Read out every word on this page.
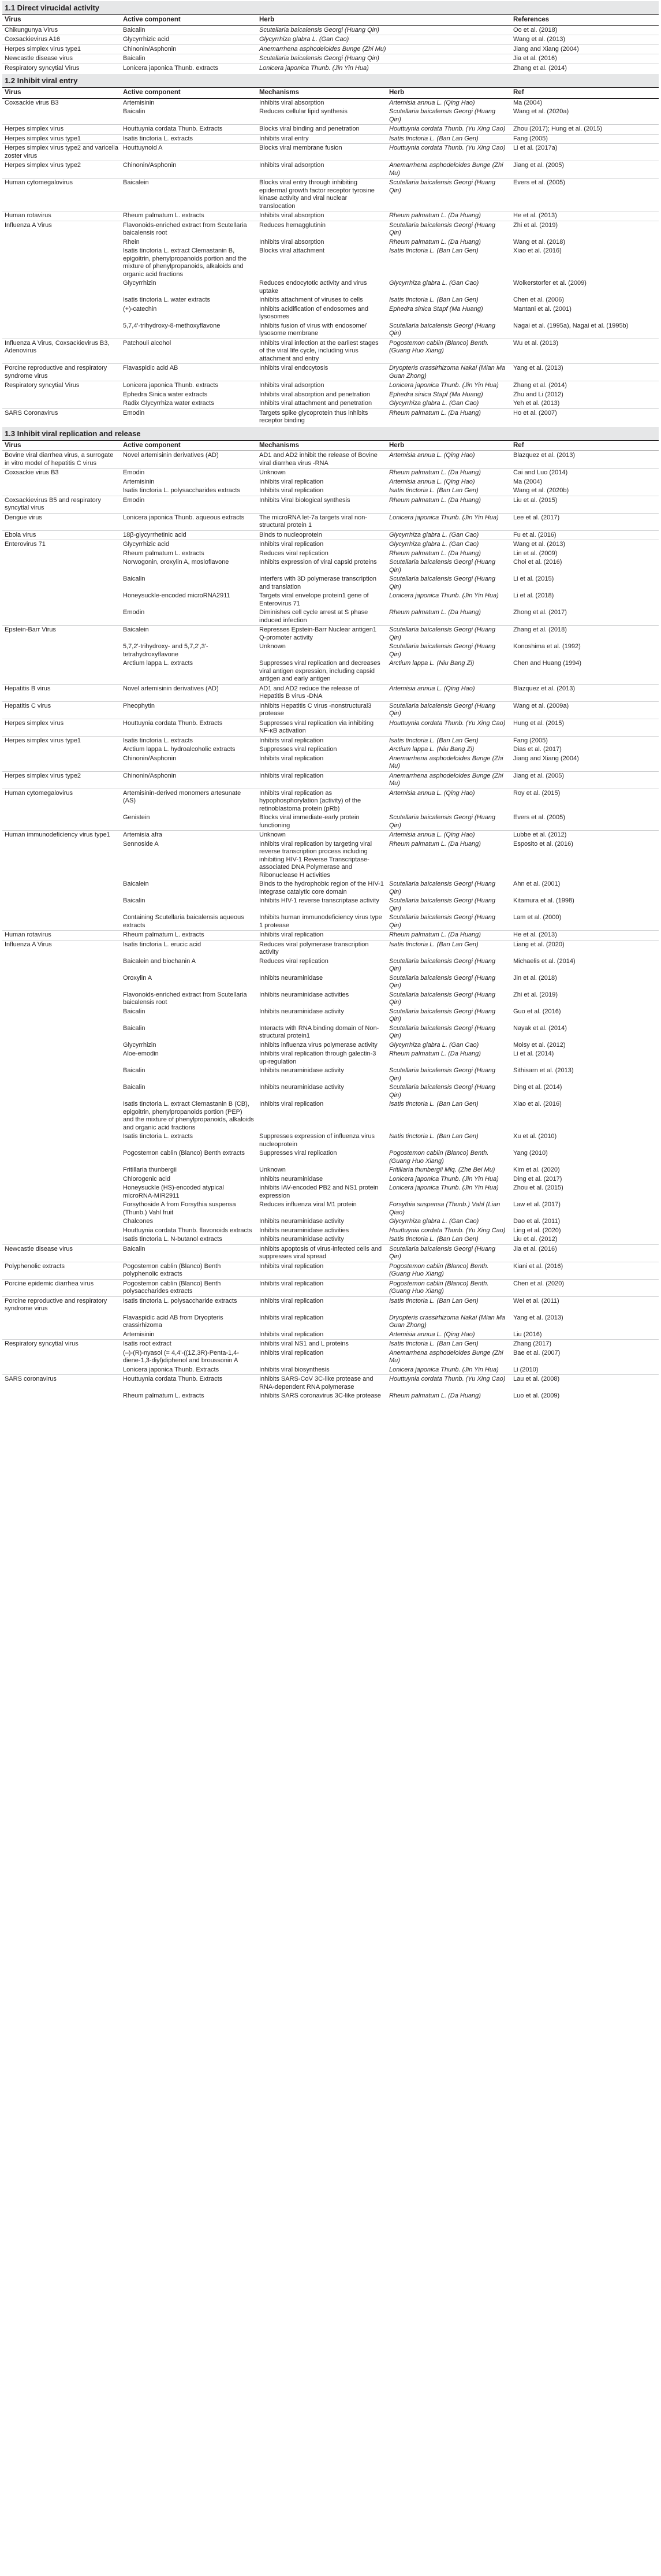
1.1 Direct virucidal activity
Virus	Active component	Herb	References
Chikungunya Virus	Baicalin	Scutellaria baicalensis Georgi (Huang Qin)	Oo et al. (2018)
Coxsackievirus A16	Glycyrrhizic acid	Glycyrrhiza glabra L. (Gan Cao)	Wang et al. (2013)
Herpes simplex virus type1	Chinonin/Asphonin	Anemarrhena asphodeloides Bunge (Zhi Mu)	Jiang and Xiang (2004)
Newcastle disease virus	Baicalin	Scutellaria baicalensis Georgi (Huang Qin)	Jia et al. (2016)
Respiratory syncytial Virus	Lonicera japonica Thunb. extracts	Lonicera japonica Thunb. (Jin Yin Hua)	Zhang et al. (2014)
1.2 Inhibit viral entry
Virus	Active component	Mechanisms	Herb	Ref
Coxsackie virus B3	Artemisinin	Inhibits viral absorption	Artemisia annua L. (Qing Hao)	Ma (2004)
	Baicalin	Reduces cellular lipid synthesis	Scutellaria baicalensis Georgi (Huang Qin)	Wang et al. (2020a)
Herpes simplex virus	Houttuynia cordata Thunb. Extracts	Blocks viral binding and penetration	Houttuynia cordata Thunb. (Yu Xing Cao)	Zhou (2017); Hung et al. (2015)
Herpes simplex virus type1	Isatis tinctoria L. extracts	Inhibits viral entry	Isatis tinctoria L. (Ban Lan Gen)	Fang (2005)
Herpes simplex virus type2 and varicella zoster virus	Houttuynoid A	Blocks viral membrane fusion	Houttuynia cordata Thunb. (Yu Xing Cao)	Li et al. (2017a)
Herpes simplex virus type2	Chinonin/Asphonin	Inhibits viral adsorption	Anemarrhena asphodeloides Bunge (Zhi Mu)	Jiang et al. (2005)
Human cytomegalovirus	Baicalein	Blocks viral entry through inhibiting epidermal growth factor receptor tyrosine kinase activity and viral nuclear translocation	Scutellaria baicalensis Georgi (Huang Qin)	Evers et al. (2005)
Human rotavirus	Rheum palmatum L. extracts	Inhibits viral absorption	Rheum palmatum L. (Da Huang)	He et al. (2013)
Influenza A Virus	Flavonoids-enriched extract from Scutellaria baicalensis root	Reduces hemagglutinin	Scutellaria baicalensis Georgi (Huang Qin)	Zhi et al. (2019)
	Rhein	Inhibits viral absorption	Rheum palmatum L. (Da Huang)	Wang et al. (2018)
	Isatis tinctoria L. extract Clemastanin B, epigoitrin, phenylpropanoids portion and the mixture of phenylpropanoids, alkaloids and organic acid fractions	Blocks viral attachment	Isatis tinctoria L. (Ban Lan Gen)	Xiao et al. (2016)
	Glycyrrhizin	Reduces endocytotic activity and virus uptake	Glycyrrhiza glabra L. (Gan Cao)	Wolkerstorfer et al. (2009)
	Isatis tinctoria L. water extracts	Inhibits attachment of viruses to cells	Isatis tinctoria L. (Ban Lan Gen)	Chen et al. (2006)
	(+)-catechin	Inhibits acidification of endosomes and lysosomes	Ephedra sinica Stapf (Ma Huang)	Mantani et al. (2001)
	5,7,4'-trihydroxy-8-methoxyflavone	Inhibits fusion of virus with endosome/ lysosome membrane	Scutellaria baicalensis Georgi (Huang Qin)	Nagai et al. (1995a), Nagai et al. (1995b)
Influenza A Virus, Coxsackievirus B3, Adenovirus	Patchouli alcohol	Inhibits viral infection at the earliest stages of the viral life cycle, including virus attachment and entry	Pogostemon cablin (Blanco) Benth. (Guang Huo Xiang)	Wu et al. (2013)
Porcine reproductive and respiratory syndrome virus	Flavaspidic acid AB	Inhibits viral endocytosis	Dryopteris crassirhizoma Nakai (Mian Ma Guan Zhong)	Yang et al. (2013)
Respiratory syncytial Virus	Lonicera japonica Thunb. extracts	Inhibits viral adsorption	Lonicera japonica Thunb. (Jin Yin Hua)	Zhang et al. (2014)
	Ephedra Sinica water extracts	Inhibits viral absorption and penetration	Ephedra sinica Stapf (Ma Huang)	Zhu and Li (2012)
	Radix Glycyrrhiza water extracts	Inhibits viral attachment and penetration	Glycyrrhiza glabra L. (Gan Cao)	Yeh et al. (2013)
SARS Coronavirus	Emodin	Targets spike glycoprotein thus inhibits receptor binding	Rheum palmatum L. (Da Huang)	Ho et al. (2007)
1.3 Inhibit viral replication and release
Virus	Active component	Mechanisms	Herb	Ref
Bovine viral diarrhea virus, a surrogate in vitro model of hepatitis C virus	Novel artemisinin derivatives (AD)	AD1 and AD2 inhibit the release of Bovine viral diarrhea virus -RNA	Artemisia annua L. (Qing Hao)	Blazquez et al. (2013)
Coxsackie virus B3	Emodin	Unknown	Rheum palmatum L. (Da Huang)	Cai and Luo (2014)
	Artemisinin	Inhibits viral replication	Artemisia annua L. (Qing Hao)	Ma (2004)
	Isatis tinctoria L. polysaccharides extracts	Inhibits viral replication	Isatis tinctoria L. (Ban Lan Gen)	Wang et al. (2020b)
Coxsackievirus B5 and respiratory syncytial virus	Emodin	Inhibits Viral biological synthesis	Rheum palmatum L. (Da Huang)	Liu et al. (2015)
Dengue virus	Lonicera japonica Thunb. aqueous extracts	The microRNA let-7a targets viral non-structural protein 1	Lonicera japonica Thunb. (Jin Yin Hua)	Lee et al. (2017)
Ebola virus	18β-glycyrrhetinic acid	Binds to nucleoprotein	Glycyrrhiza glabra L. (Gan Cao)	Fu et al. (2016)
Enterovirus 71	Glycyrrhizic acid	Inhibits viral replication	Glycyrrhiza glabra L. (Gan Cao)	Wang et al. (2013)
	Rheum palmatum L. extracts	Reduces viral replication	Rheum palmatum L. (Da Huang)	Lin et al. (2009)
	Norwogonin, oroxylin A, mosloflavone	Inhibits expression of viral capsid proteins	Scutellaria baicalensis Georgi (Huang Qin)	Choi et al. (2016)
	Baicalin	Interfers with 3D polymerase transcription and translation	Scutellaria baicalensis Georgi (Huang Qin)	Li et al. (2015)
	Honeysuckle-encoded microRNA2911	Targets viral envelope protein1 gene of Enterovirus 71	Lonicera japonica Thunb. (Jin Yin Hua)	Li et al. (2018)
	Emodin	Diminishes cell cycle arrest at S phase induced infection	Rheum palmatum L. (Da Huang)	Zhong et al. (2017)
Epstein-Barr Virus	Baicalein	Represses Epstein-Barr Nuclear antigen1 Q-promoter activity	Scutellaria baicalensis Georgi (Huang Qin)	Zhang et al. (2018)
	5,7,2'-trihydroxy- and 5,7,2',3'-tetrahydroxyflavone	Unknown	Scutellaria baicalensis Georgi (Huang Qin)	Konoshima et al. (1992)
	Arctium lappa L. extracts	Suppresses viral replication and decreases viral antigen expression, including capsid antigen and early antigen	Arctium lappa L. (Niu Bang Zi)	Chen and Huang (1994)
Hepatitis B virus	Novel artemisinin derivatives (AD)	AD1 and AD2 reduce the release of Hepatitis B virus -DNA	Artemisia annua L. (Qing Hao)	Blazquez et al. (2013)
Hepatitis C virus	Pheophytin	Inhibits Hepatitis C virus -nonstructural3 protease	Scutellaria baicalensis Georgi (Huang Qin)	Wang et al. (2009a)
Herpes simplex virus	Houttuynia cordata Thunb. Extracts	Suppresses viral replication via inhibiting NF-κB activation	Houttuynia cordata Thunb. (Yu Xing Cao)	Hung et al. (2015)
Herpes simplex virus type1	Isatis tinctoria L. extracts	Inhibits viral replication	Isatis tinctoria L. (Ban Lan Gen)	Fang (2005)
	Arctium lappa L. hydroalcoholic extracts	Suppresses viral replication	Arctium lappa L. (Niu Bang Zi)	Dias et al. (2017)
	Chinonin/Asphonin	Inhibits viral replication	Anemarrhena asphodeloides Bunge (Zhi Mu)	Jiang and Xiang (2004)
Herpes simplex virus type2	Chinonin/Asphonin	Inhibits viral replication	Anemarrhena asphodeloides Bunge (Zhi Mu)	Jiang et al. (2005)
Human cytomegalovirus	Artemisinin-derived monomers artesunate (AS)	Inhibits viral replication as hypophosphorylation (activity) of the retinoblastoma protein (pRb)	Artemisia annua L. (Qing Hao)	Roy et al. (2015)
	Genistein	Blocks viral immediate-early protein functioning	Scutellaria baicalensis Georgi (Huang Qin)	Evers et al. (2005)
Human immunodeficiency virus type1	Artemisia afra	Unknown	Artemisia annua L. (Qing Hao)	Lubbe et al. (2012)
	Sennoside A	Inhibits viral replication by targeting viral reverse transcription process including inhibiting HIV-1 Reverse Transcriptase-associated DNA Polymerase and Ribonuclease H activities	Rheum palmatum L. (Da Huang)	Esposito et al. (2016)
	Baicalein	Binds to the hydrophobic region of the HIV-1 integrase catalytic core domain	Scutellaria baicalensis Georgi (Huang Qin)	Ahn et al. (2001)
	Baicalin	Inhibits HIV-1 reverse transcriptase activity	Scutellaria baicalensis Georgi (Huang Qin)	Kitamura et al. (1998)
	Containing Scutellaria baicalensis aqueous extracts	Inhibits human immunodeficiency virus type 1 protease	Scutellaria baicalensis Georgi (Huang Qin)	Lam et al. (2000)
Human rotavirus	Rheum palmatum L. extracts	Inhibits viral replication	Rheum palmatum L. (Da Huang)	He et al. (2013)
Influenza A Virus	Isatis tinctoria L. erucic acid	Reduces viral polymerase transcription activity	Isatis tinctoria L. (Ban Lan Gen)	Liang et al. (2020)
	Baicalein and biochanin A	Reduces viral replication	Scutellaria baicalensis Georgi (Huang Qin)	Michaelis et al. (2014)
	Oroxylin A	Inhibits neuraminidase	Scutellaria baicalensis Georgi (Huang Qin)	Jin et al. (2018)
	Flavonoids-enriched extract from Scutellaria baicalensis root	Inhibits neuraminidase activities	Scutellaria baicalensis Georgi (Huang Qin)	Zhi et al. (2019)
	Baicalin	Inhibits neuraminidase activity	Scutellaria baicalensis Georgi (Huang Qin)	Guo et al. (2016)
	Baicalin	Interacts with RNA binding domain of Non-structural protein1	Scutellaria baicalensis Georgi (Huang Qin)	Nayak et al. (2014)
	Glycyrrhizin	Inhibits influenza virus polymerase activity	Glycyrrhiza glabra L. (Gan Cao)	Moisy et al. (2012)
	Aloe-emodin	Inhibits viral replication through galectin-3 up-regulation	Rheum palmatum L. (Da Huang)	Li et al. (2014)
	Baicalin	Inhibits neuraminidase activity	Scutellaria baicalensis Georgi (Huang Qin)	Sithisarn et al. (2013)
	Baicalin	Inhibits neuraminidase activity	Scutellaria baicalensis Georgi (Huang Qin)	Ding et al. (2014)
	Isatis tinctoria L. extract Clemastanin B (CB), epigoitrin, phenylpropanoids portion (PEP) and the mixture of phenylpropanoids, alkaloids and organic acid fractions	Inhibits viral replication	Isatis tinctoria L. (Ban Lan Gen)	Xiao et al. (2016)
	Isatis tinctoria L. extracts	Suppresses expression of influenza virus nucleoprotein	Isatis tinctoria L. (Ban Lan Gen)	Xu et al. (2010)
	Pogostemon cablin (Blanco) Benth extracts	Suppresses viral replication	Pogostemon cablin (Blanco) Benth. (Guang Huo Xiang)	Yang (2010)
	Fritillaria thunbergii	Unknown	Fritillaria thunbergii Miq. (Zhe Bei Mu)	Kim et al. (2020)
	Chlorogenic acid	Inhibits neuraminidase	Lonicera japonica Thunb. (Jin Yin Hua)	Ding et al. (2017)
	Honeysuckle (HS)-encoded atypical microRNA-MIR2911	Inhibits IAV-encoded PB2 and NS1 protein expression	Lonicera japonica Thunb. (Jin Yin Hua)	Zhou et al. (2015)
	Forsythoside A from Forsythia suspensa (Thunb.) Vahl fruit	Reduces influenza viral M1 protein	Forsythia suspensa (Thunb.) Vahl (Lian Qiao)	Law et al. (2017)
	Chalcones	Inhibits neuraminidase activity	Glycyrrhiza glabra L. (Gan Cao)	Dao et al. (2011)
	Houttuynia cordata Thunb. flavonoids extracts	Inhibits neuraminidase activities	Houttuynia cordata Thunb. (Yu Xing Cao)	Ling et al. (2020)
	Isatis tinctoria L. N-butanol extracts	Inhibits neuraminidase activity	Isatis tinctoria L. (Ban Lan Gen)	Liu et al. (2012)
Newcastle disease virus	Baicalin	Inhibits apoptosis of virus-infected cells and suppresses viral spread	Scutellaria baicalensis Georgi (Huang Qin)	Jia et al. (2016)
Polyphenolic extracts	Pogostemon cablin (Blanco) Benth polyphenolic extracts	Inhibits viral replication	Pogostemon cablin (Blanco) Benth. (Guang Huo Xiang)	Kiani et al. (2016)
Porcine epidemic diarrhea virus	Pogostemon cablin (Blanco) Benth polysaccharides extracts	Inhibits viral replication	Pogostemon cablin (Blanco) Benth. (Guang Huo Xiang)	Chen et al. (2020)
Porcine reproductive and respiratory syndrome virus	Isatis tinctoria L. polysaccharide extracts	Inhibits viral replication	Isatis tinctoria L. (Ban Lan Gen)	Wei et al. (2011)
	Flavaspidic acid AB from Dryopteris crassirhizoma	Inhibits viral replication	Dryopteris crassirhizoma Nakai (Mian Ma Guan Zhong)	Yang et al. (2013)
	Artemisinin	Inhibits viral replication	Artemisia annua L. (Qing Hao)	Liu (2016)
Respiratory syncytial virus	Isatis root extract	Inhibits viral NS1 and L proteins	Isatis tinctoria L. (Ban Lan Gen)	Zhang (2017)
	(–)-(R)-nyasol (= 4,4'-((1Z,3R)-Penta-1,4-diene-1,3-diyl)diphenol and broussonin A	Inhibits viral replication	Anemarrhena asphodeloides Bunge (Zhi Mu)	Bae et al. (2007)
	Lonicera japonica Thunb. Extracts	Inhibits viral biosynthesis	Lonicera japonica Thunb. (Jin Yin Hua)	Li (2010)
SARS coronavirus	Houttuynia cordata Thunb. Extracts	Inhibits SARS-CoV 3C-like protease and RNA-dependent RNA polymerase	Houttuynia cordata Thunb. (Yu Xing Cao)	Lau et al. (2008)
	Rheum palmatum L. extracts	Inhibits SARS coronavirus 3C-like protease	Rheum palmatum L. (Da Huang)	Luo et al. (2009)
